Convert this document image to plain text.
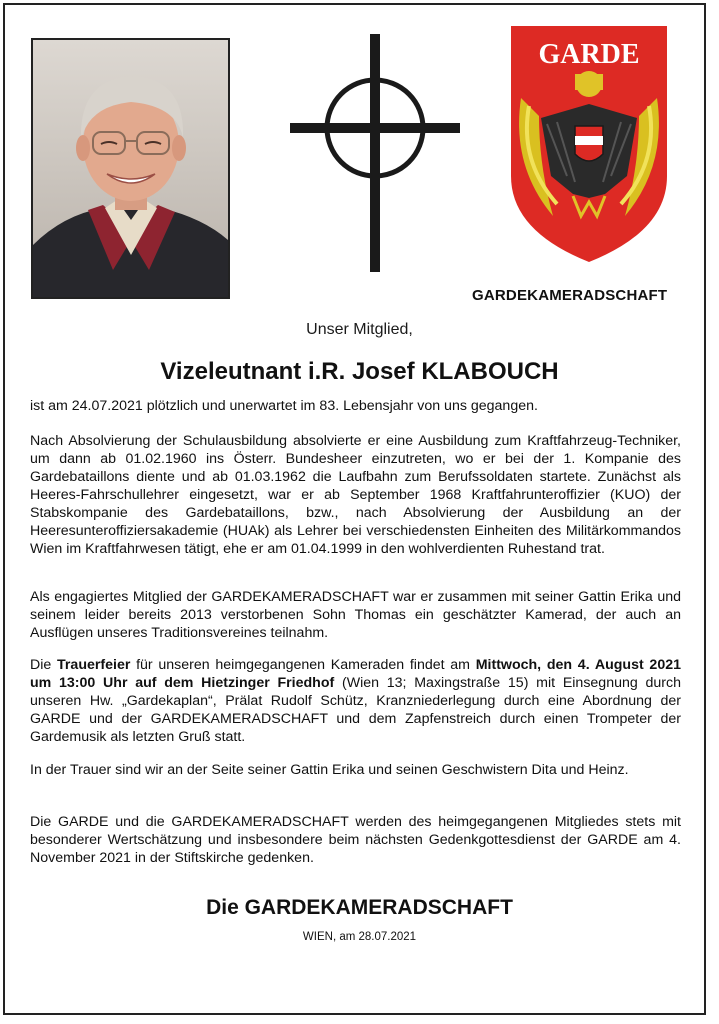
GARDE
GARDEKAMERADSCHAFT
Unser Mitglied,
Vizeleutnant i.R. Josef KLABOUCH
ist am 24.07.2021 plötzlich und unerwartet im 83. Lebensjahr von uns gegangen.
Nach Absolvierung der Schulausbildung absolvierte er eine Ausbildung zum Kraftfahrzeug-Techniker, um dann ab 01.02.1960 ins Österr. Bundesheer einzutreten, wo er bei der 1. Kompanie des Gardebataillons diente und ab 01.03.1962 die Laufbahn zum Berufssoldaten startete. Zunächst als Heeres-Fahrschullehrer eingesetzt, war er ab September 1968 Kraftfahrunteroffizier (KUO) der Stabskompanie des Gardebataillons, bzw., nach Absolvierung der Ausbildung an der Heeresunteroffiziersakademie (HUAk) als Lehrer bei verschiedensten Einheiten des Militärkommandos Wien im Kraftfahrwesen tätigt, ehe er am 01.04.1999 in den wohlverdienten Ruhestand trat.
Als engagiertes Mitglied der GARDEKAMERADSCHAFT war er zusammen mit seiner Gattin Erika und seinem leider bereits 2013 verstorbenen Sohn Thomas ein geschätzter Kamerad, der auch an Ausflügen unseres Traditionsvereines teilnahm.
Die Trauerfeier für unseren heimgegangenen Kameraden findet am Mittwoch, den 4. August 2021 um 13:00 Uhr auf dem Hietzinger Friedhof (Wien 13; Maxingstraße 15) mit Einsegnung durch unseren Hw. „Gardekaplan“, Prälat Rudolf Schütz, Kranzniederlegung durch eine Abordnung der GARDE und der GARDEKAMERADSCHAFT und dem Zapfenstreich durch einen Trompeter der Gardemusik als letzten Gruß statt.
In der Trauer sind wir an der Seite seiner Gattin Erika und seinen Geschwistern Dita und Heinz.
Die GARDE und die GARDEKAMERADSCHAFT werden des heimgegangenen Mitgliedes stets mit besonderer Wertschätzung und insbesondere beim nächsten Gedenkgottesdienst der GARDE am 4. November 2021 in der Stiftskirche gedenken.
Die GARDEKAMERADSCHAFT
WIEN, am 28.07.2021
